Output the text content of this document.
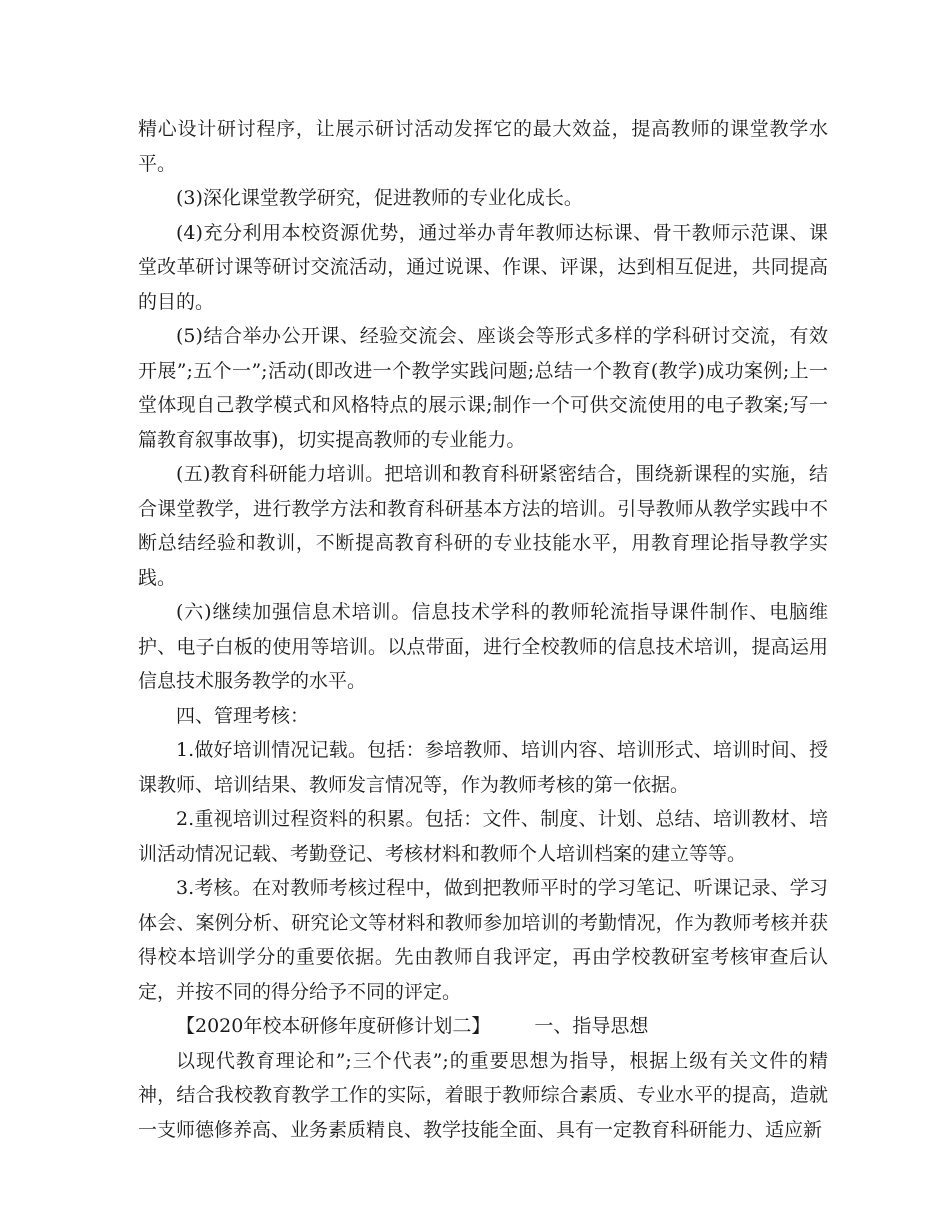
精心设计研讨程序，让展示研讨活动发挥它的最大效益，提高教师的课堂教学水平。

(3)深化课堂教学研究，促进教师的专业化成长。

(4)充分利用本校资源优势，通过举办青年教师达标课、骨干教师示范课、课堂改革研讨课等研讨交流活动，通过说课、作课、评课，达到相互促进，共同提高的目的。

(5)结合举办公开课、经验交流会、座谈会等形式多样的学科研讨交流，有效开展”;五个一”;活动(即改进一个教学实践问题;总结一个教育(教学)成功案例;上一堂体现自己教学模式和风格特点的展示课;制作一个可供交流使用的电子教案;写一篇教育叙事故事)，切实提高教师的专业能力。

(五)教育科研能力培训。把培训和教育科研紧密结合，围绕新课程的实施，结合课堂教学，进行教学方法和教育科研基本方法的培训。引导教师从教学实践中不断总结经验和教训，不断提高教育科研的专业技能水平，用教育理论指导教学实践。

(六)继续加强信息术培训。信息技术学科的教师轮流指导课件制作、电脑维护、电子白板的使用等培训。以点带面，进行全校教师的信息技术培训，提高运用信息技术服务教学的水平。

四、管理考核：

1.做好培训情况记载。包括：参培教师、培训内容、培训形式、培训时间、授课教师、培训结果、教师发言情况等，作为教师考核的第一依据。

2.重视培训过程资料的积累。包括：文件、制度、计划、总结、培训教材、培训活动情况记载、考勤登记、考核材料和教师个人培训档案的建立等等。

3.考核。在对教师考核过程中，做到把教师平时的学习笔记、听课记录、学习体会、案例分析、研究论文等材料和教师参加培训的考勤情况，作为教师考核并获得校本培训学分的重要依据。先由教师自我评定，再由学校教研室考核审查后认定，并按不同的得分给予不同的评定。

【2020年校本研修年度研修计划二】 一、指导思想

以现代教育理论和”;三个代表”;的重要思想为指导，根据上级有关文件的精神，结合我校教育教学工作的实际，着眼于教师综合素质、专业水平的提高，造就一支师德修养高、业务素质精良、教学技能全面、具有一定教育科研能力、适应新
